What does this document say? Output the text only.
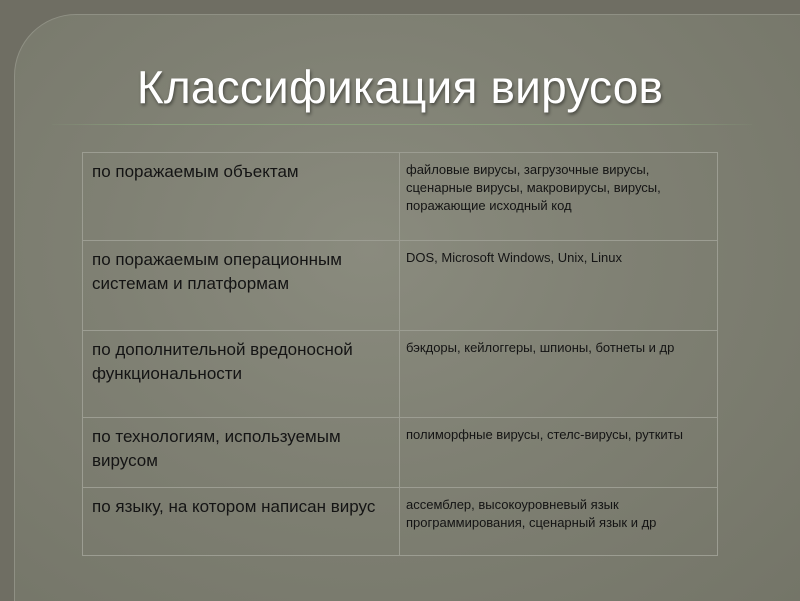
Классификация вирусов
по поражаемым объектам	файловые вирусы, загрузочные вирусы, сценарные вирусы, макровирусы, вирусы, поражающие исходный код

по поражаемым операционным системам и платформам	DOS, Microsoft Windows, Unix, Linux

по дополнительной вредоносной функциональности	бэкдоры, кейлоггеры, шпионы, ботнеты и др

по технологиям, используемым вирусом	полиморфные вирусы, стелс-вирусы, руткиты

по языку, на котором написан вирус	ассемблер, высокоуровневый язык программирования, сценарный язык и др
